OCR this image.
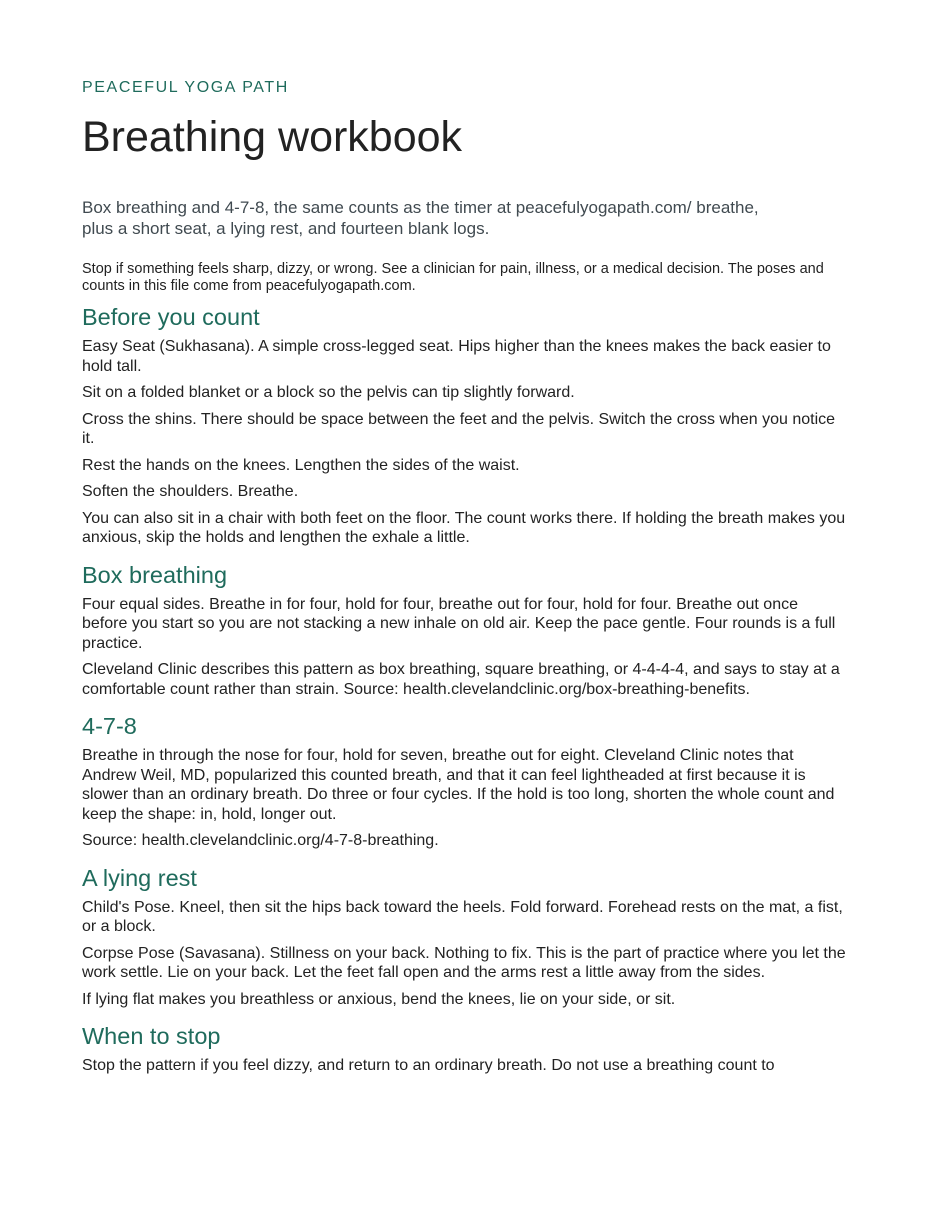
PEACEFUL YOGA PATH

Breathing workbook

Box breathing and 4-7-8, the same counts as the timer at peacefulyogapath.com/ breathe, plus a short seat, a lying rest, and fourteen blank logs.

Stop if something feels sharp, dizzy, or wrong. See a clinician for pain, illness, or a medical decision. The poses and counts in this file come from peacefulyogapath.com.

Before you count

Easy Seat (Sukhasana). A simple cross-legged seat. Hips higher than the knees makes the back easier to hold tall.

Sit on a folded blanket or a block so the pelvis can tip slightly forward.

Cross the shins. There should be space between the feet and the pelvis. Switch the cross when you notice it.

Rest the hands on the knees. Lengthen the sides of the waist.

Soften the shoulders. Breathe.

You can also sit in a chair with both feet on the floor. The count works there. If holding the breath makes you anxious, skip the holds and lengthen the exhale a little.

Box breathing

Four equal sides. Breathe in for four, hold for four, breathe out for four, hold for four. Breathe out once before you start so you are not stacking a new inhale on old air. Keep the pace gentle. Four rounds is a full practice.

Cleveland Clinic describes this pattern as box breathing, square breathing, or 4-4-4-4, and says to stay at a comfortable count rather than strain. Source: health.clevelandclinic.org/box-breathing-benefits.

4-7-8

Breathe in through the nose for four, hold for seven, breathe out for eight. Cleveland Clinic notes that Andrew Weil, MD, popularized this counted breath, and that it can feel lightheaded at first because it is slower than an ordinary breath. Do three or four cycles. If the hold is too long, shorten the whole count and keep the shape: in, hold, longer out.

Source: health.clevelandclinic.org/4-7-8-breathing.

A lying rest

Child's Pose. Kneel, then sit the hips back toward the heels. Fold forward. Forehead rests on the mat, a fist, or a block.

Corpse Pose (Savasana). Stillness on your back. Nothing to fix. This is the part of practice where you let the work settle. Lie on your back. Let the feet fall open and the arms rest a little away from the sides.

If lying flat makes you breathless or anxious, bend the knees, lie on your side, or sit.

When to stop

Stop the pattern if you feel dizzy, and return to an ordinary breath. Do not use a breathing count to
